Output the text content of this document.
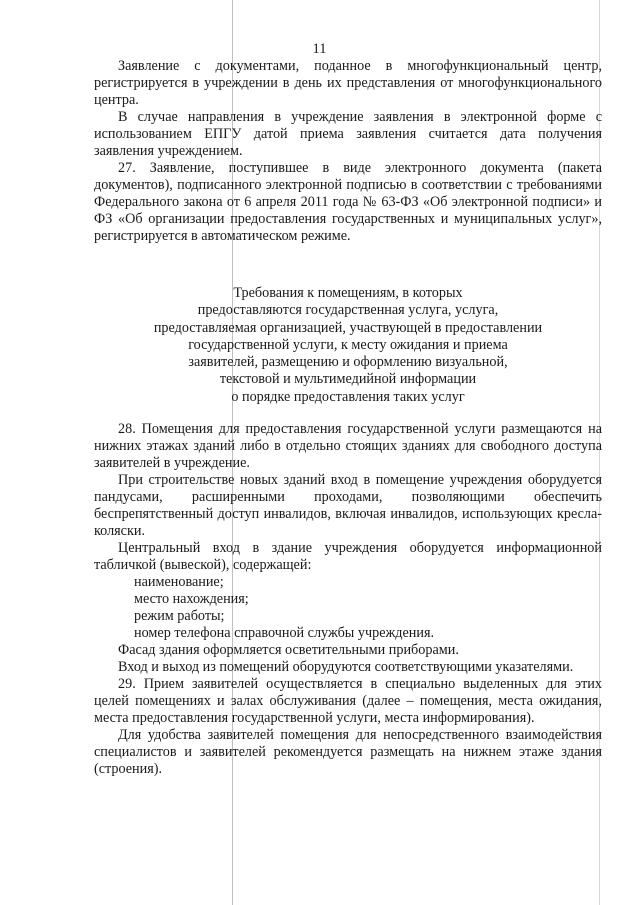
11

Заявление с документами, поданное в многофункциональный центр, регистрируется в учреждении в день их представления от многофункционального центра.

В случае направления в учреждение заявления в электронной форме с использованием ЕПГУ датой приема заявления считается дата получения заявления учреждением.

27. Заявление, поступившее в виде электронного документа (пакета документов), подписанного электронной подписью в соответствии с требованиями Федерального закона от 6 апреля 2011 года № 63-ФЗ «Об электронной подписи» и ФЗ «Об организации предоставления государственных и муниципальных услуг», регистрируется в автоматическом режиме.

Требования к помещениям, в которых

предоставляются государственная услуга, услуга,

предоставляемая организацией, участвующей в предоставлении

государственной услуги, к месту ожидания и приема

заявителей, размещению и оформлению визуальной,

текстовой и мультимедийной информации

о порядке предоставления таких услуг

28. Помещения для предоставления государственной услуги размещаются на нижних этажах зданий либо в отдельно стоящих зданиях для свободного доступа заявителей в учреждение.

При строительстве новых зданий вход в помещение учреждения оборудуется пандусами, расширенными проходами, позволяющими обеспечить беспрепятственный доступ инвалидов, включая инвалидов, использующих кресла-коляски.

Центральный вход в здание учреждения оборудуется информационной табличкой (вывеской), содержащей:

наименование;

место нахождения;

режим работы;

номер телефона справочной службы учреждения.

Фасад здания оформляется осветительными приборами.

Вход и выход из помещений оборудуются соответствующими указателями.

29. Прием заявителей осуществляется в специально выделенных для этих целей помещениях и залах обслуживания (далее – помещения, места ожидания, места предоставления государственной услуги, места информирования).

Для удобства заявителей помещения для непосредственного взаимодействия специалистов и заявителей рекомендуется размещать на нижнем этаже здания (строения).
